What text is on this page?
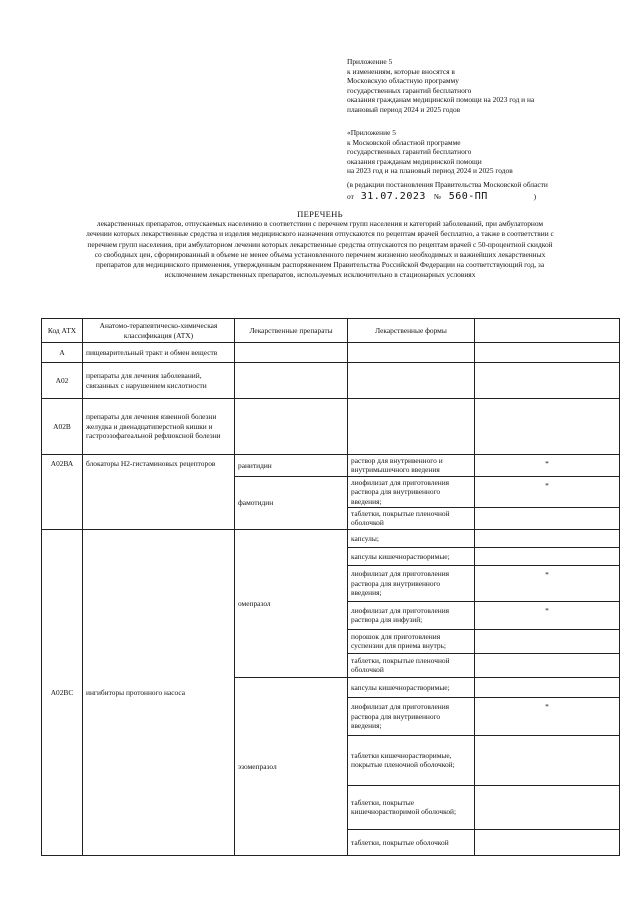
Приложение 5
к изменениям, которые вносятся в
Московскую областную программу
государственных гарантий бесплатного
оказания гражданам медицинской помощи на 2023 год и на
плановый период 2024 и 2025 годов
«Приложение 5
к Московской областной программе
государственных гарантий бесплатного
оказания гражданам медицинской помощи
на 2023 год и на плановый период 2024 и 2025 годов
(в редакции постановления Правительства Московской области
от 31.07.2023 № 560-ПП	)
ПЕРЕЧЕНЬ
лекарственных препаратов, отпускаемых населению в соответствии с перечнем групп населения и категорий заболеваний, при амбулаторном
лечении которых лекарственные средства и изделия медицинского назначения отпускаются по рецептам врачей бесплатно, а также в соответствии с
перечнем групп населения, при амбулаторном лечении которых лекарственные средства отпускаются по рецептам врачей с 50-процентной скидкой
со свободных цен, сформированный в объеме не менее объема установленного перечнем жизненно необходимых и важнейших лекарственных
препаратов для медицинского применения, утвержденным распоряжением Правительства Российской Федерации на соответствующий год, за
исключением лекарственных препаратов, используемых исключительно в стационарных условиях
Код АТХ	Анатомо-терапевтическо-химическая классификация (АТХ)	Лекарственные препараты	Лекарственные формы	
А	пищеварительный тракт и обмен веществ			
А02	препараты для лечения заболеваний, связанных с нарушением кислотности			
А02В	препараты для лечения язвенной болезни желудка и двенадцатиперстной кишки и гастроэзофагеальной рефлюксной болезни			
А02ВА	блокаторы Н2-гистаминовых рецепторов	ранитидин	раствор для внутривенного и внутримышечного введения	*
		фамотидин	лиофилизат для приготовления раствора для внутривенного введения;	*
			таблетки, покрытые пленочной оболочкой	
А02ВС	ингибиторы протонного насоса	омепразол	капсулы;	
			капсулы кишечнорастворимые;	
			лиофилизат для приготовления раствора для внутривенного введения;	*
			лиофилизат для приготовления раствора для инфузий;	*
			порошок для приготовления суспензии для приема внутрь;	
			таблетки, покрытые пленочной оболочкой	
		эзомепразол	капсулы кишечнорастворимые;	
			лиофилизат для приготовления раствора для внутривенного введения;	*
			таблетки кишечнорастворимые, покрытые пленочной оболочкой;	
			таблетки, покрытые кишечнорастворимой оболочкой;	
			таблетки, покрытые оболочкой	
